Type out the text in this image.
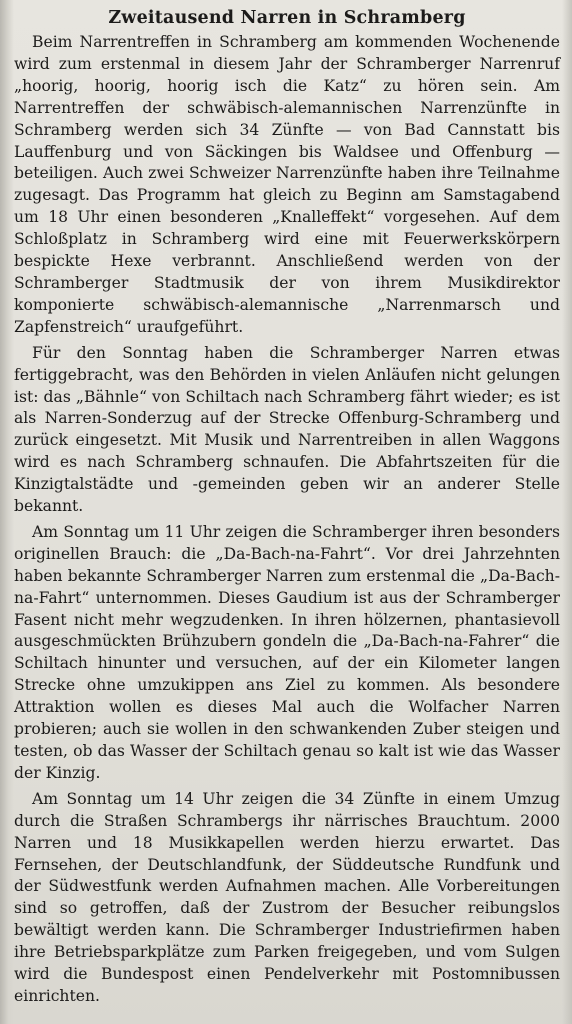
Zweitausend Narren in Schramberg

Beim Narrentreffen in Schramberg am kommenden Wochenende wird zum erstenmal in diesem Jahr der Schramberger Narrenruf „hoorig, hoorig, hoorig isch die Katz“ zu hören sein. Am Narrentreffen der schwäbisch-alemannischen Narrenzünfte in Schramberg werden sich 34 Zünfte — von Bad Cannstatt bis Lauffenburg und von Säckingen bis Waldsee und Offenburg — beteiligen. Auch zwei Schweizer Narrenzünfte haben ihre Teilnahme zugesagt. Das Programm hat gleich zu Beginn am Samstagabend um 18 Uhr einen besonderen „Knalleffekt“ vorgesehen. Auf dem Schloßplatz in Schramberg wird eine mit Feuerwerkskörpern bespickte Hexe verbrannt. Anschließend werden von der Schramberger Stadtmusik der von ihrem Musikdirektor komponierte schwäbisch-alemannische „Narrenmarsch und Zapfenstreich“ uraufgeführt.

Für den Sonntag haben die Schramberger Narren etwas fertiggebracht, was den Behörden in vielen Anläufen nicht gelungen ist: das „Bähnle“ von Schiltach nach Schramberg fährt wieder; es ist als Narren-Sonderzug auf der Strecke Offenburg-Schramberg und zurück eingesetzt. Mit Musik und Narrentreiben in allen Waggons wird es nach Schramberg schnaufen. Die Abfahrtszeiten für die Kinzigtalstädte und -gemeinden geben wir an anderer Stelle bekannt.

Am Sonntag um 11 Uhr zeigen die Schramberger ihren besonders originellen Brauch: die „Da-Bach-na-Fahrt“. Vor drei Jahrzehnten haben bekannte Schramberger Narren zum erstenmal die „Da-Bach-na-Fahrt“ unternommen. Dieses Gaudium ist aus der Schramberger Fasent nicht mehr wegzudenken. In ihren hölzernen, phantasievoll ausgeschmückten Brühzubern gondeln die „Da-Bach-na-Fahrer“ die Schiltach hinunter und versuchen, auf der ein Kilometer langen Strecke ohne umzukippen ans Ziel zu kommen. Als besondere Attraktion wollen es dieses Mal auch die Wolfacher Narren probieren; auch sie wollen in den schwankenden Zuber steigen und testen, ob das Wasser der Schiltach genau so kalt ist wie das Wasser der Kinzig.

Am Sonntag um 14 Uhr zeigen die 34 Zünfte in einem Umzug durch die Straßen Schrambergs ihr närrisches Brauchtum. 2000 Narren und 18 Musikkapellen werden hierzu erwartet. Das Fernsehen, der Deutschlandfunk, der Süddeutsche Rundfunk und der Südwestfunk werden Aufnahmen machen. Alle Vorbereitungen sind so getroffen, daß der Zustrom der Besucher reibungslos bewältigt werden kann. Die Schramberger Industriefirmen haben ihre Betriebsparkplätze zum Parken freigegeben, und vom Sulgen wird die Bundespost einen Pendelverkehr mit Postomnibussen einrichten.
